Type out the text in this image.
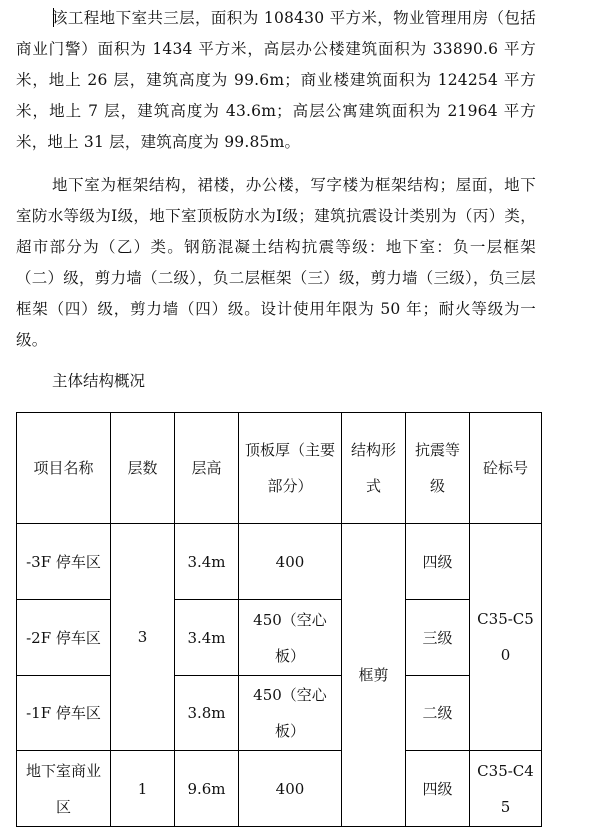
该工程地下室共三层，面积为 108430 平方米，物业管理用房（包括商业门警）面积为 1434 平方米，高层办公楼建筑面积为 33890.6 平方米，地上 26 层，建筑高度为 99.6m；商业楼建筑面积为 124254 平方米，地上 7 层，建筑高度为 43.6m；高层公寓建筑面积为 21964 平方米，地上 31 层，建筑高度为 99.85m。

地下室为框架结构，裙楼，办公楼，写字楼为框架结构；屋面，地下室防水等级为Ⅰ级，地下室顶板防水为Ⅰ级；建筑抗震设计类别为（丙）类，超市部分为（乙）类。钢筋混凝土结构抗震等级：地下室：负一层框架（二）级，剪力墙（二级），负二层框架（三）级，剪力墙（三级），负三层框架（四）级，剪力墙（四）级。设计使用年限为 50 年；耐火等级为一级。

主体结构概况

项目名称	层数	层高	顶板厚（主要部分）	结构形式	抗震等级	砼标号
-3F 停车区	3	3.4m	400	框剪	四级	C35-C50
-2F 停车区		3.4m	450（空心板）		三级	
-1F 停车区		3.8m	450（空心板）		二级	
地下室商业区	1	9.6m	400		四级	C35-C45
